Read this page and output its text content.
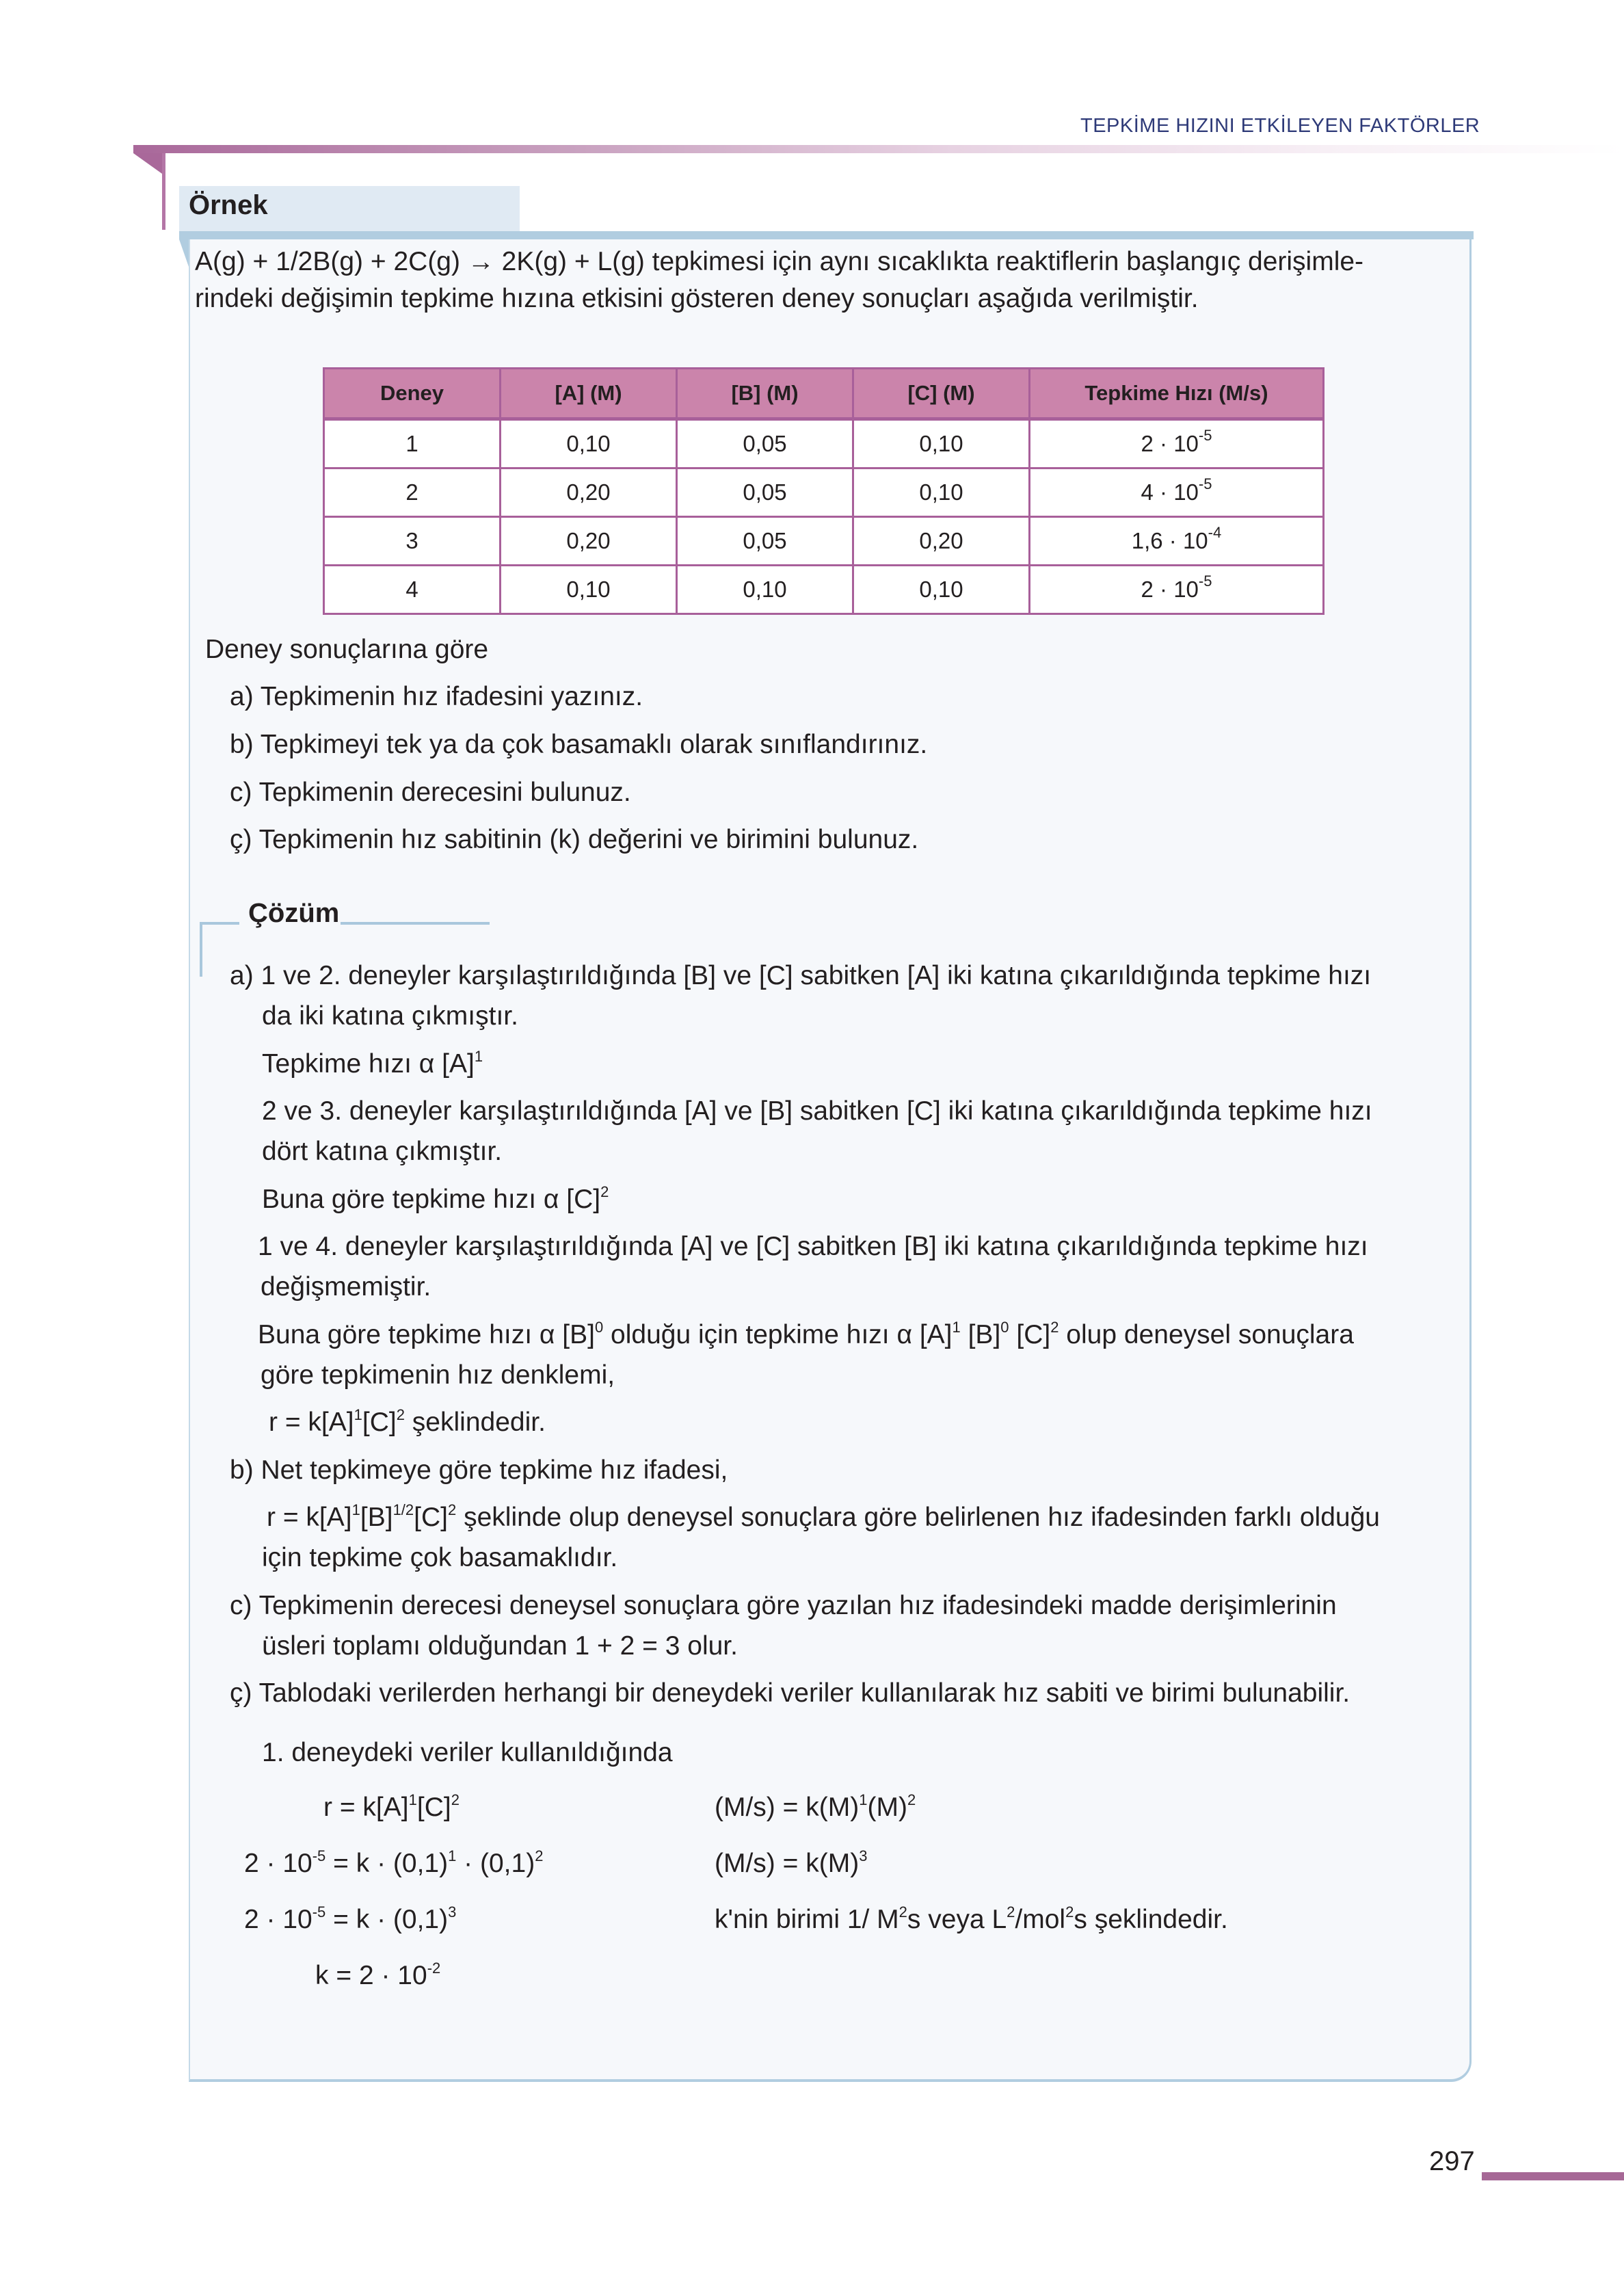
TEPKİME HIZINI ETKİLEYEN FAKTÖRLER
Örnek
A(g) + 1/2B(g) + 2C(g) → 2K(g) + L(g) tepkimesi için aynı sıcaklıkta reaktiflerin başlangıç derişimle-
rindeki değişimin tepkime hızına etkisini gösteren deney sonuçları aşağıda verilmiştir.
Deney	[A] (M)	[B] (M)	[C] (M)	Tepkime Hızı (M/s)
1	0,10	0,05	0,10	$2 \cdot 10^{-5}$
2	0,20	0,05	0,10	$4 \cdot 10^{-5}$
3	0,20	0,05	0,20	$1,6 \cdot 10^{-4}$
4	0,10	0,10	0,10	$2 \cdot 10^{-5}$
Deney sonuçlarına göre
a) Tepkimenin hız ifadesini yazınız.
b) Tepkimeyi tek ya da çok basamaklı olarak sınıflandırınız.
c) Tepkimenin derecesini bulunuz.
ç) Tepkimenin hız sabitinin (k) değerini ve birimini bulunuz.
Çözüm
a) 1 ve 2. deneyler karşılaştırıldığında [B] ve [C] sabitken [A] iki katına çıkarıldığında tepkime hızı
da iki katına çıkmıştır.
Tepkime hızı α $[A]^1$
2 ve 3. deneyler karşılaştırıldığında [A] ve [B] sabitken [C] iki katına çıkarıldığında tepkime hızı
dört katına çıkmıştır.
Buna göre tepkime hızı α $[C]^2$
1 ve 4. deneyler karşılaştırıldığında [A] ve [C] sabitken [B] iki katına çıkarıldığında tepkime hızı
değişmemiştir.
Buna göre tepkime hızı α $[B]^0$ olduğu için tepkime hızı α $[A]^1$ $[B]^0$ $[C]^2$ olup deneysel sonuçlara
göre tepkimenin hız denklemi,
$r = k[A]^1[C]^2$ şeklindedir.
b) Net tepkimeye göre tepkime hız ifadesi,
$r = k[A]^1[B]^{1/2}[C]^2$ şeklinde olup deneysel sonuçlara göre belirlenen hız ifadesinden farklı olduğu
için tepkime çok basamaklıdır.
c) Tepkimenin derecesi deneysel sonuçlara göre yazılan hız ifadesindeki madde derişimlerinin
üsleri toplamı olduğundan 1 + 2 = 3 olur.
ç) Tablodaki verilerden herhangi bir deneydeki veriler kullanılarak hız sabiti ve birimi bulunabilir.
1. deneydeki veriler kullanıldığında
$r = k[A]^1[C]^2$	$(M/s) = k(M)^1(M)^2$
$2 \cdot 10^{-5} = k \cdot (0,1)^1 \cdot (0,1)^2$	$(M/s) = k(M)^3$
$2 \cdot 10^{-5} = k \cdot (0,1)^3$	k'nin birimi 1/ $M^2s$ veya $L^2/mol^2s$ şeklindedir.
$k = 2 \cdot 10^{-2}$
297
